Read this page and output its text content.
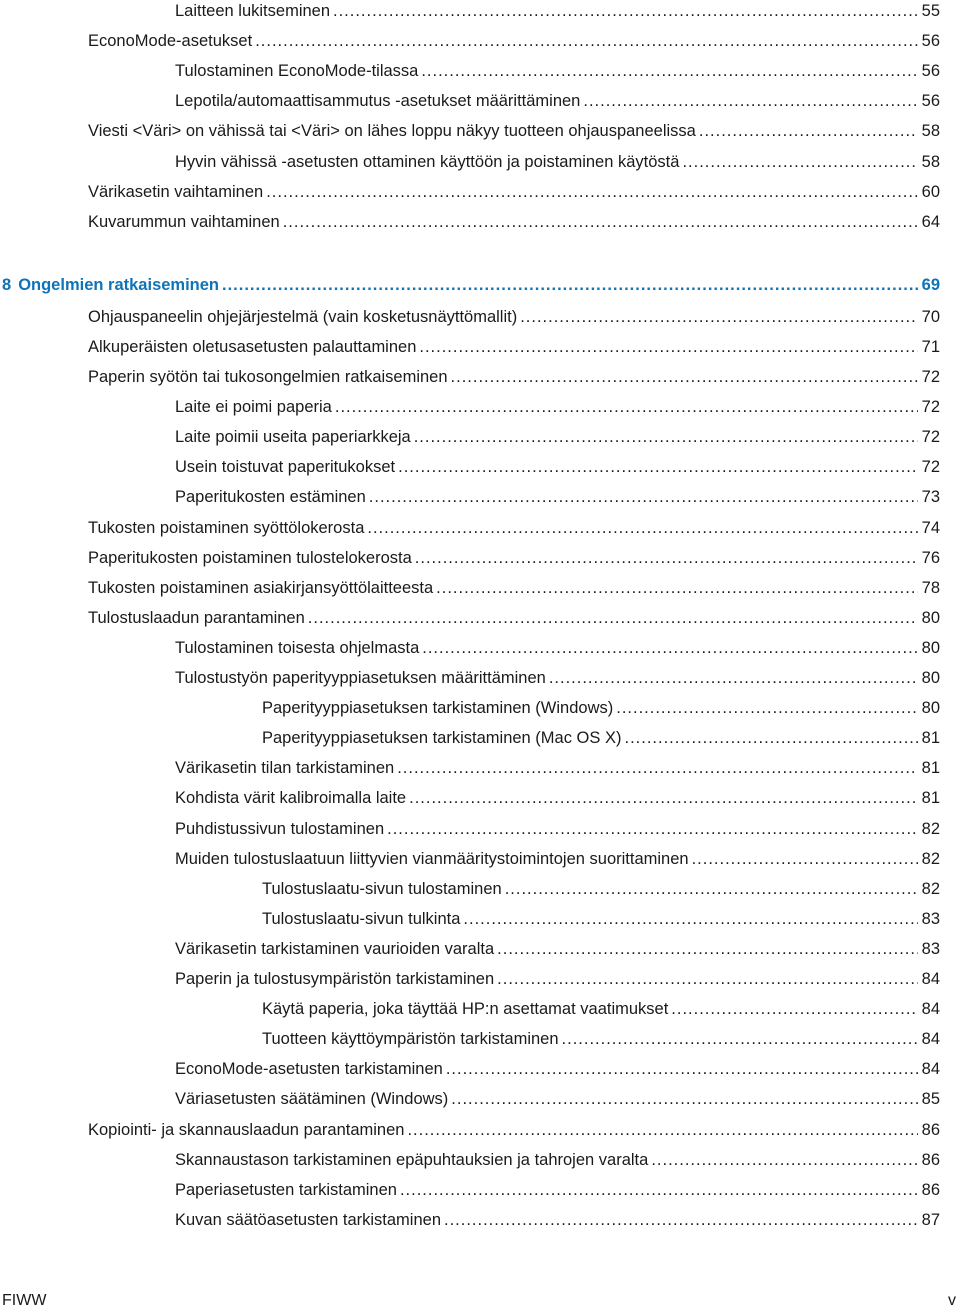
Laitteen lukitseminen .....	55
EconoMode-asetukset .....	56
Tulostaminen EconoMode-tilassa .....	56
Lepotila/automaattisammutus -asetukset määrittäminen .....	56
Viesti <Väri> on vähissä tai <Väri> on lähes loppu näkyy tuotteen ohjauspaneelissa .....	58
Hyvin vähissä -asetusten ottaminen käyttöön ja poistaminen käytöstä .....	58
Värikasetin vaihtaminen .....	60
Kuvarummun vaihtaminen .....	64
8 Ongelmien ratkaiseminen .....	69
Ohjauspaneelin ohjejärjestelmä (vain kosketusnäyttömallit) .....	70
Alkuperäisten oletusasetusten palauttaminen .....	71
Paperin syötön tai tukosongelmien ratkaiseminen .....	72
Laite ei poimi paperia .....	72
Laite poimii useita paperiarkkeja .....	72
Usein toistuvat paperitukokset .....	72
Paperitukosten estäminen .....	73
Tukosten poistaminen syöttölokerosta .....	74
Paperitukosten poistaminen tulostelokerosta .....	76
Tukosten poistaminen asiakirjansyöttölaitteesta .....	78
Tulostuslaadun parantaminen .....	80
Tulostaminen toisesta ohjelmasta .....	80
Tulostustyön paperityyppiasetuksen määrittäminen .....	80
Paperityyppiasetuksen tarkistaminen (Windows) .....	80
Paperityyppiasetuksen tarkistaminen (Mac OS X) .....	81
Värikasetin tilan tarkistaminen .....	81
Kohdista värit kalibroimalla laite .....	81
Puhdistussivun tulostaminen .....	82
Muiden tulostuslaatuun liittyvien vianmääritystoimintojen suorittaminen .....	82
Tulostuslaatu-sivun tulostaminen .....	82
Tulostuslaatu-sivun tulkinta .....	83
Värikasetin tarkistaminen vaurioiden varalta .....	83
Paperin ja tulostusympäristön tarkistaminen .....	84
Käytä paperia, joka täyttää HP:n asettamat vaatimukset .....	84
Tuotteen käyttöympäristön tarkistaminen .....	84
EconoMode-asetusten tarkistaminen .....	84
Väriasetusten säätäminen (Windows) .....	85
Kopiointi- ja skannauslaadun parantaminen .....	86
Skannaustason tarkistaminen epäpuhtauksien ja tahrojen varalta .....	86
Paperiasetusten tarkistaminen .....	86
Kuvan säätöasetusten tarkistaminen .....	87
FIWW	v
